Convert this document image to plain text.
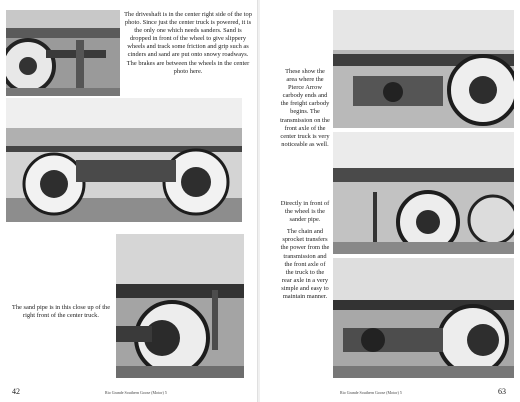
The driveshaft is in the center right side of the top photo. Since just the center truck is powered, it is the only one which needs sanders. Sand is dropped in front of the wheel to give slippery wheels and track some friction and grip such as cinders and sand are put onto snowy roadways. The brakes are between the wheels in the center photo here.

The sand pipe is in this close up of the right front of the center truck.

42	Rio Grande Southern Goose (Motor) 5

These show the area where the Pierce Arrow carbody ends and the freight carbody begins. The transmission on the front axle of the center truck is very noticeable as well.

Directly in front of the wheel is the sander pipe.

The chain and sprocket transfers the power from the transmission and the front axle of the truck to the rear axle in a very simple and easy to maintain manner.

63
Rio Grande Southern Goose (Motor) 5
